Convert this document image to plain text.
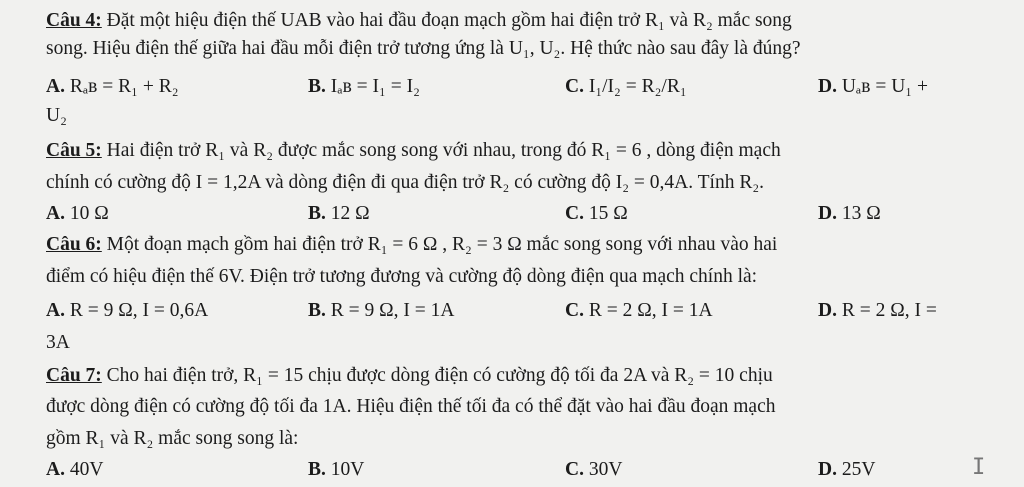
Câu 4: Đặt một hiệu điện thế UAB vào hai đầu đoạn mạch gồm hai điện trở R₁ và R₂ mắc song
song. Hiệu điện thế giữa hai đầu mỗi điện trở tương ứng là U₁, U₂. Hệ thức nào sau đây là đúng?
A. Rₐʙ = R₁ + R₂	B. Iₐʙ = I₁ = I₂	C. I₁/I₂ = R₂/R₁	D. Uₐʙ = U₁ +
U₂
Câu 5: Hai điện trở R₁ và R₂ được mắc song song với nhau, trong đó R₁ = 6 , dòng điện mạch
chính có cường độ I = 1,2A và dòng điện đi qua điện trở R₂ có cường độ I₂ = 0,4A. Tính R₂.
A. 10 Ω	B. 12 Ω	C. 15 Ω	D. 13 Ω
Câu 6: Một đoạn mạch gồm hai điện trở R₁ = 6 Ω , R₂ = 3 Ω mắc song song với nhau vào hai
điểm có hiệu điện thế 6V. Điện trở tương đương và cường độ dòng điện qua mạch chính là:
A. R = 9 Ω, I = 0,6A	B. R = 9 Ω, I = 1A	C. R = 2 Ω, I = 1A	D. R = 2 Ω, I =
3A
Câu 7: Cho hai điện trở, R₁ = 15 chịu được dòng điện có cường độ tối đa 2A và R₂ = 10 chịu
được dòng điện có cường độ tối đa 1A. Hiệu điện thế tối đa có thể đặt vào hai đầu đoạn mạch
gồm R₁ và R₂ mắc song song là:
A. 40V	B. 10V	C. 30V	D. 25V	I
